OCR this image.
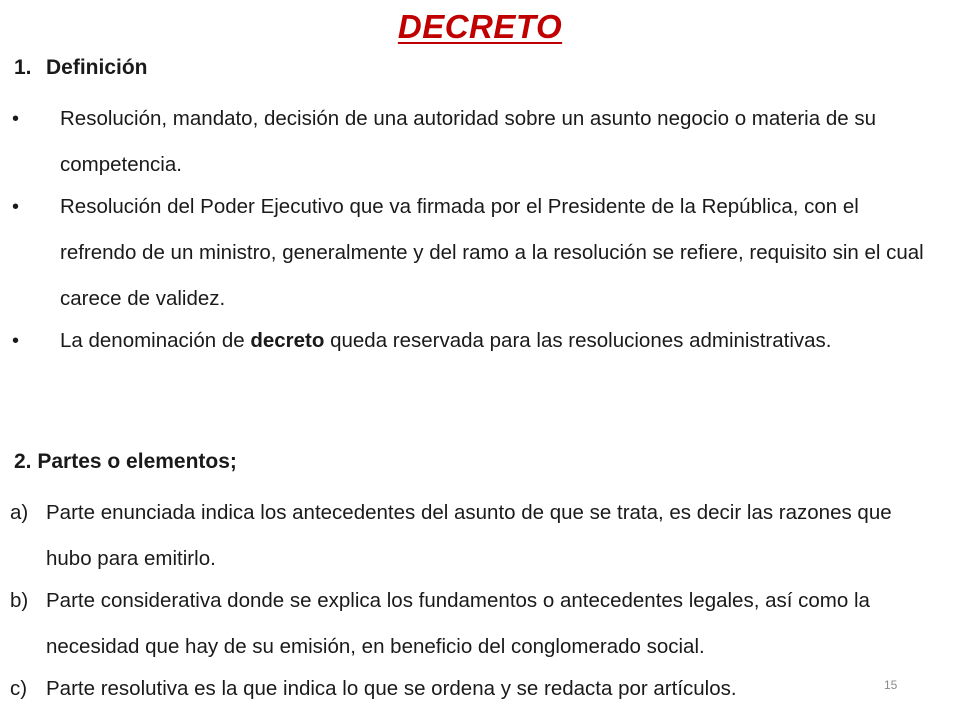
DECRETO
1. Definición
• Resolución, mandato, decisión de una autoridad sobre un asunto negocio o materia de su competencia.
• Resolución del Poder Ejecutivo que va firmada por el Presidente de la República, con el refrendo de un ministro, generalmente y del ramo a la resolución se refiere, requisito sin el cual carece de validez.
• La denominación de decreto queda reservada para las resoluciones administrativas.
2. Partes o elementos;
a) Parte enunciada indica los antecedentes del asunto de que se trata, es decir las razones que hubo para emitirlo.
b) Parte considerativa donde se explica los fundamentos o antecedentes legales, así como la necesidad que hay de su emisión, en beneficio del conglomerado social.
c) Parte resolutiva es la que indica lo que se ordena y se redacta por artículos.	15
